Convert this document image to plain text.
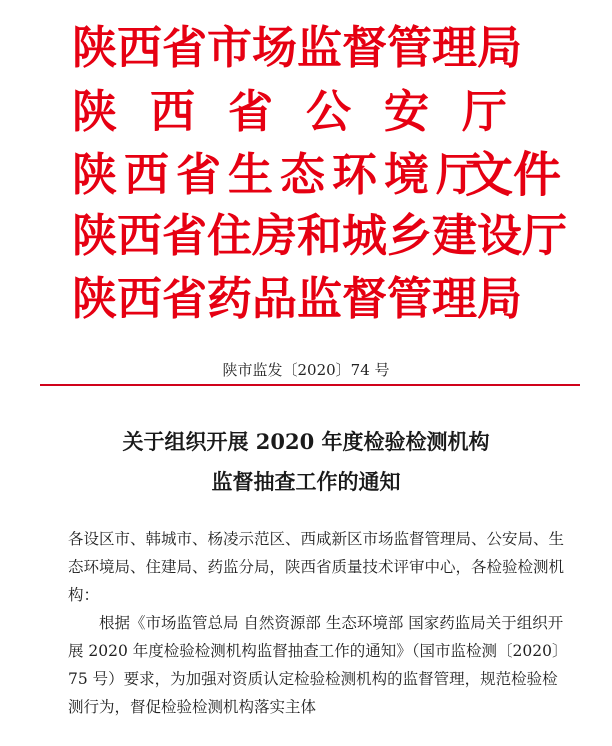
陕西省市场监督管理局
陕西省公安厅
陕西省生态环境厅
文件
陕西省住房和城乡建设厅
陕西省药品监督管理局
陕市监发〔2020〕74 号
关于组织开展 2020 年度检验检测机构
监督抽查工作的通知

各设区市、韩城市、杨凌示范区、西咸新区市场监督管理局、公安局、生态环境局、住建局、药监分局，陕西省质量技术评审中心，各检验检测机构：

根据《市场监管总局 自然资源部 生态环境部 国家药监局关于组织开展 2020 年度检验检测机构监督抽查工作的通知》（国市监检测〔2020〕75 号）要求，为加强对资质认定检验检测机构的监督管理，规范检验检测行为，督促检验检测机构落实主体
